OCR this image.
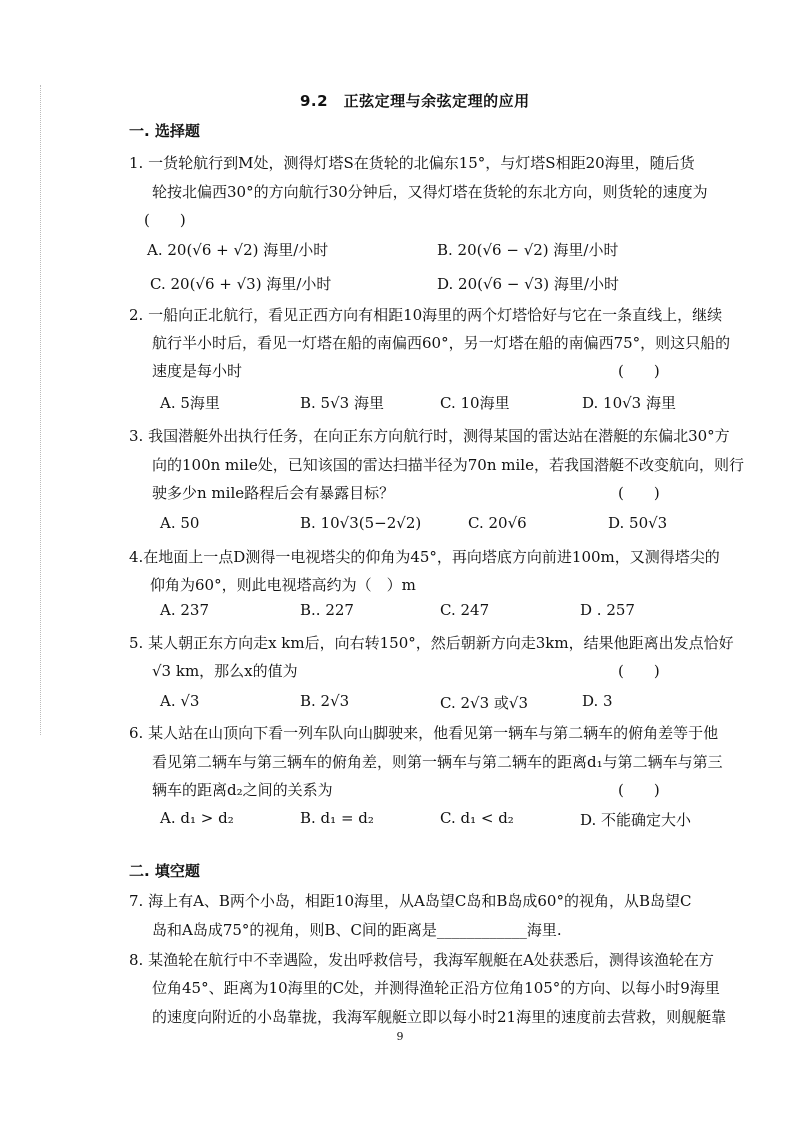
9.2　正弦定理与余弦定理的应用
一. 选择题
1. 一货轮航行到M处，测得灯塔S在货轮的北偏东15°，与灯塔S相距20海里，随后货
轮按北偏西30°的方向航行30分钟后，又得灯塔在货轮的东北方向，则货轮的速度为
(　　)
A. 20(√6 + √2) 海里/小时	B. 20(√6 − √2) 海里/小时
C. 20(√6 + √3) 海里/小时	D. 20(√6 − √3) 海里/小时
2. 一船向正北航行，看见正西方向有相距10海里的两个灯塔恰好与它在一条直线上，继续
航行半小时后，看见一灯塔在船的南偏西60°，另一灯塔在船的南偏西75°，则这只船的
速度是每小时	(　　)
A. 5海里	B. 5√3 海里	C. 10海里	D. 10√3 海里
3. 我国潜艇外出执行任务，在向正东方向航行时，测得某国的雷达站在潜艇的东偏北30°方
向的100n mile处，已知该国的雷达扫描半径为70n mile，若我国潜艇不改变航向，则行
驶多少n mile路程后会有暴露目标？	(　　)
A. 50	B. 10√3(5−2√2)	C. 20√6	D. 50√3
4.在地面上一点D测得一电视塔尖的仰角为45°，再向塔底方向前进100m，又测得塔尖的
仰角为60°，则此电视塔高约为（　）m
A. 237	B.. 227	C. 247	D . 257
5. 某人朝正东方向走x km后，向右转150°，然后朝新方向走3km，结果他距离出发点恰好
√3 km，那么x的值为	(　　)
A. √3	B. 2√3	C. 2√3 或√3	D. 3
6. 某人站在山顶向下看一列车队向山脚驶来，他看见第一辆车与第二辆车的俯角差等于他
看见第二辆车与第三辆车的俯角差，则第一辆车与第二辆车的距离d₁与第二辆车与第三
辆车的距离d₂之间的关系为	(　　)
A. d₁ > d₂	B. d₁ = d₂	C. d₁ < d₂	D. 不能确定大小
二. 填空题
7. 海上有A、B两个小岛，相距10海里，从A岛望C岛和B岛成60°的视角，从B岛望C
岛和A岛成75°的视角，则B、C间的距离是____________海里.
8. 某渔轮在航行中不幸遇险，发出呼救信号，我海军舰艇在A处获悉后，测得该渔轮在方
位角45°、距离为10海里的C处，并测得渔轮正沿方位角105°的方向、以每小时9海里
的速度向附近的小岛靠拢，我海军舰艇立即以每小时21海里的速度前去营救，则舰艇靠
9
